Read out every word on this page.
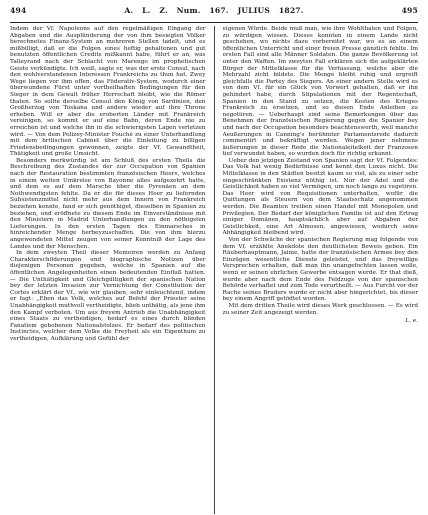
494	A. L. Z. Num. 167. JULIUS 1827.	495

Indem der Vf. Napoleons auf den regelmäßigen Eingang der Abgaben und die Ausplünderung der von ihm besiegten Völker berechnetes Finanz-System an mehreren Stellen tadelt, und es mißbilligt, daß er die Folgen eines heftig gehaltenen und gut benutzten öffentlichen Credits mißkannt habe, führt er an, was Talleyrand nach der Schlacht von Marengo im prophetischen Geiste verkündigte. Ich weiß, sagte er, was der erste Consul, nach den wohlverstandenen Interessen Frankreichs zu thun hat. Zwey Wege liegen vor ihm offen, das Föderativ-System, wodurch einer überwundene Fürst unter vortheilhaften Bedingungen für den Sieger in dem Gewalt früher Herrschaft bleibt, wie die Römer thaten. So sollte derselbe Consul den König von Sardinien, den Großherzog von Toskana und andere wieder auf ihre Throne erheben. Will er aber die eroberten Länder mit Frankreich vereinigen, so kommt er auf eine Bahn, deren Ende nie zu erreichen ist und welche ihn in die schwierigsten Lagen verletzen wird. — Von dem Polizey-Minister Fouché zu einer Unterhandlung mit dem britischen Cabinet über die Einleitung zu billigen Friedensbedingungen gewonnen, zeigte der Vf. Gewandtheit, Thätigkeit und große Umsicht.

Besonders merkwürdig ist am Schluß des ersten Theils die Beschreibung des Zustandes der zur Occupation von Spanien nach der Restauration bestimmten französischen Heers, welches in einem weiten Umkreise von Bayonne alles aufgezehrt hatte, und dem es auf dem Marsche über die Pyrenäen an dem Nothwendigsten fehlte. Da er die für dieses Heer zu liefernden Subsistenzmittel nicht mehr aus dem Innern von Frankreich beziehen konnte, fand er sich genöthiget, dieselben in Spanien zu beziehen, und eröffnete zu diesem Ende im Einverständnisse mit den Ministern in Madrid Unterhandlungen zu den nöthigsten Lieferungen. In den ersten Tagen des Einmarsches in hinreichender Menge herbeyzuschaffen. Die von ihm hierzu angewendeten Mittel zeugen von seiner Kenntniß der Lage des Landes und der Menschen.

In dem zweyten Theil dieser Memoiren werden zu Anfang Charakterschilderungen und biographische Notizen über diejenigen Personen gegeben, welche in Spanien auf die öffentlichen Angelegenheiten einen bedeutenden Einfluß hatten. — Die Unthätigkeit und Gleichgültigkeit der spanischen Nation bey der letzten Invasion zur Vernichtung der Constitution der Cortes erklärt der Vf., wie wir glauben, sehr einleuchtend, indem er fagt: „Eben das Volk, welches auf Befehl der Priester seine Unabhängigkeit muthvoll vertheidigte, blieb unthätig, als jene ihm den Kampf verboten. Um aus freyem Antrieb die Unabhängigkeit eines Staats zu vertheidigen, bedarf es eines durch blinden Fanatism gehobenen Nationalstolzes. Er bedarf des politischen Instinctes, welcher dem Volke die Freyheit als ein Eigenthum zu vertheidigen, Aufklärung und Gefühl der

eigenen Würde. Beide muß man, wie ihre Wohlthaten und Folgen, zu würdigen wissen. Dieses konnten in einem Lande nicht geschehen, wo nichts dazu vorbereitet war, wo es an einem öffentlichen Unterricht und einer freien Presse gänzlich fehlte. Im ersten Fall sind alle Männer Soldaten. Die ganze Bevölkerung ist unter den Waffen. Im zweyten Fall erklären sich die aufgeklärten Bürger der Mittelklasse für die Verfassung, welche aber die Mehrzahl zicht bildete. Die Menge bleibt ruhig und ergreift gleichfalls die Partey des Siegers. An einer andern Stelle wird es von dem Vf. für ein Glück von Vorwert gehalten, daß er ihn gehindert habe, durch Stipulationen mit der Regentschaft, Spanien in den Stand zu setzen, die Kosten des Krieges Frankreich zu ersetzen, und so diesen Ende Anleihen zu negotiiren. — Ueberhaupt sind seine Bemerkungen über das Benehmen der französischen Regierung gegen die Spanier bey und nach der Occupation besonders beachtenswerth, weil manche Aeußerungen in Canning's berühmter Parlamentsrede dadurch commentirt und bekräftigt werden. Wegen jener nehmens äußerungen in dieser Rede die Nationaleitelkeit der Franzosen tief verwundet haben, so wurden doch für richtig erkannt.

Ueber den jetzigen Zustand von Spanien sagt der Vf. Folgendes: Das Volk hat wenig Bedürfnisse und kennt den Luxus nicht. Die Mittelklasse in den Städten besitzt kaum so viel, als zu einer sehr eingeschränkten Existenz nöthig ist. Nur der Adel und die Geistlichkeit haben so viel Vermögen, um noch lange zu vegetiren. Das Heer wird von Requisitionen unterhalten, wofür die Quittungen als Steuern von dem Staatsschatz angenommen werden. Die Beamten treiben einen Handel mit Monopolen und Privilegien. Der Bedarf der königlichen Familie ist auf den Ertrag einiger Domänen, hauptsächlich aber auf Abgaben der Geistlichkeit, eine Art Almosen, angewiesen, wodurch seine Abhängigkeit bleibend wird.

Von der Schwäche der spanischen Regierung mag folgende von dem Vf. erzählte Anekdote den deutlichsten Beweis geben. Ein Räuberhauptmann, Jaime, hatte der französischen Armee bey den Einzügen wesentliche Dienste geleistet, und das freywillige Versprechen erhalten, daß man ihn unangefochten lassen wolle, wenn er seinen ehrlichen Gewerbe entsagen werde. Er that dieß, wurde aber nach dem Ende des Feldzugs von der spanischen Behörde verhaftet und zum Tode verurtheilt. — Aus Furcht vor der Rache seines Bruders wurde er nicht aber hingerichtet, bis dieser bey einem Angriff getödtet worden.

Mit dem dritten Theile wird dieses Werk geschlossen. — Es wird zu seiner Zeit angezeigt werden.

L. e.
